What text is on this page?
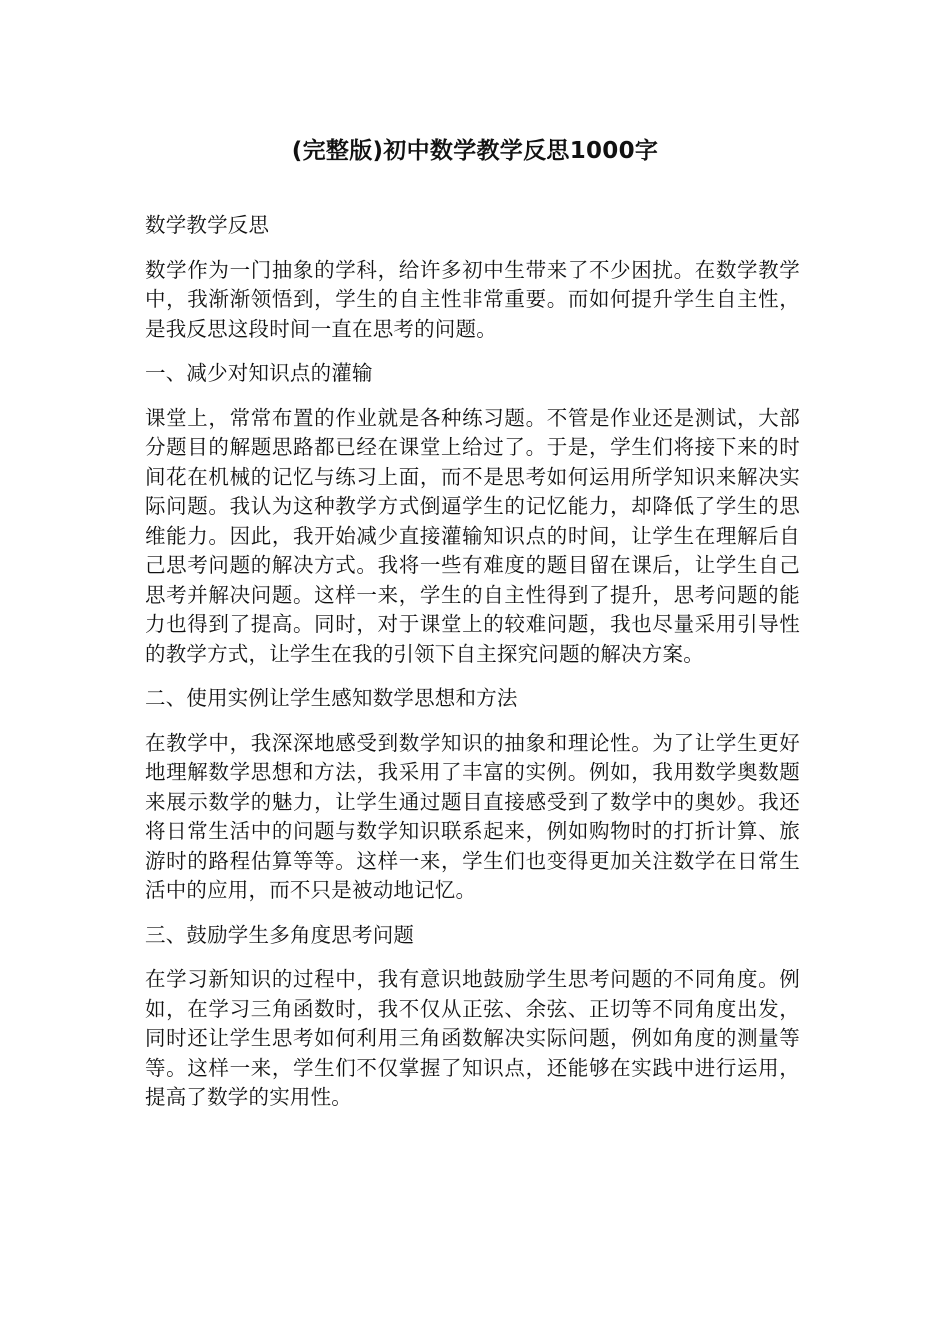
(完整版)初中数学教学反思1000字

数学教学反思

数学作为一门抽象的学科，给许多初中生带来了不少困扰。在数学教学中，我渐渐领悟到，学生的自主性非常重要。而如何提升学生自主性，是我反思这段时间一直在思考的问题。

一、减少对知识点的灌输

课堂上，常常布置的作业就是各种练习题。不管是作业还是测试，大部分题目的解题思路都已经在课堂上给过了。于是，学生们将接下来的时间花在机械的记忆与练习上面，而不是思考如何运用所学知识来解决实际问题。我认为这种教学方式倒逼学生的记忆能力，却降低了学生的思维能力。因此，我开始减少直接灌输知识点的时间，让学生在理解后自己思考问题的解决方式。我将一些有难度的题目留在课后，让学生自己思考并解决问题。这样一来，学生的自主性得到了提升，思考问题的能力也得到了提高。同时，对于课堂上的较难问题，我也尽量采用引导性的教学方式，让学生在我的引领下自主探究问题的解决方案。

二、使用实例让学生感知数学思想和方法

在教学中，我深深地感受到数学知识的抽象和理论性。为了让学生更好地理解数学思想和方法，我采用了丰富的实例。例如，我用数学奥数题来展示数学的魅力，让学生通过题目直接感受到了数学中的奥妙。我还将日常生活中的问题与数学知识联系起来，例如购物时的打折计算、旅游时的路程估算等等。这样一来，学生们也变得更加关注数学在日常生活中的应用，而不只是被动地记忆。

三、鼓励学生多角度思考问题

在学习新知识的过程中，我有意识地鼓励学生思考问题的不同角度。例如，在学习三角函数时，我不仅从正弦、余弦、正切等不同角度出发，同时还让学生思考如何利用三角函数解决实际问题，例如角度的测量等等。这样一来，学生们不仅掌握了知识点，还能够在实践中进行运用，提高了数学的实用性。
